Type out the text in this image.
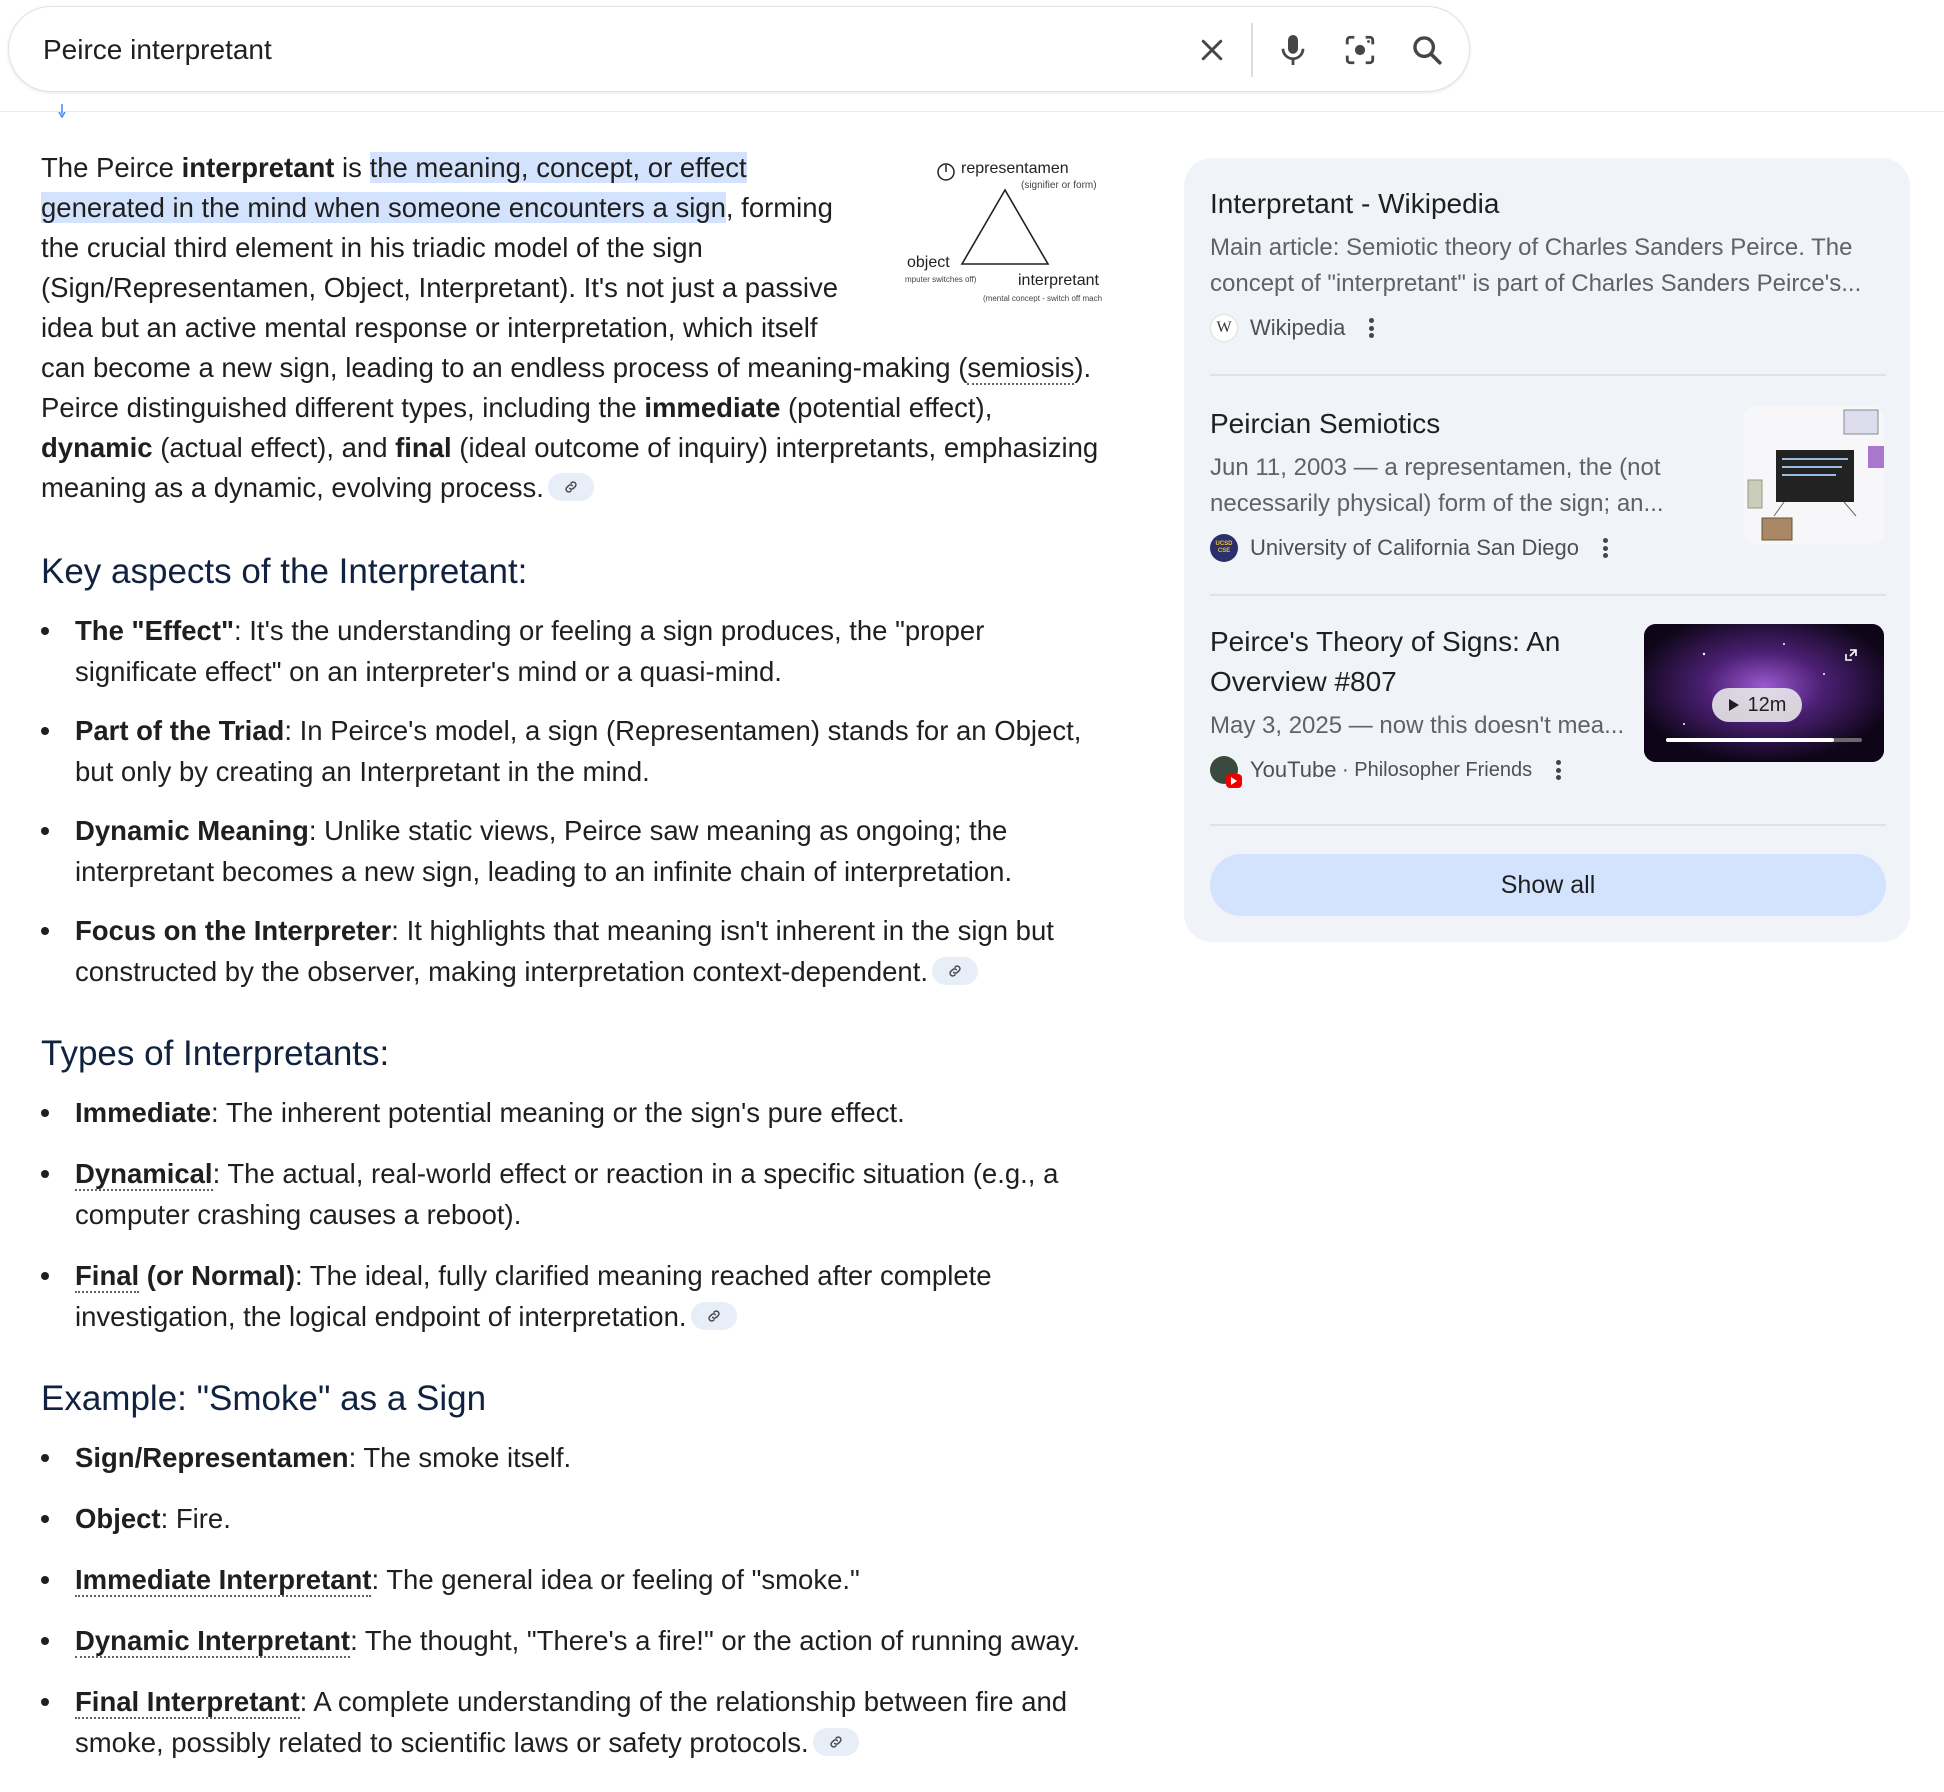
Peirce interpretant
representamen
(signifier or form)
object
mputer switches off)	interpretant
(mental concept - switch off mach

The Peirce interpretant is the meaning, concept, or effect generated in the mind when someone encounters a sign, forming the crucial third element in his triadic model of the sign (Sign/Representamen, Object, Interpretant). It's not just a passive idea but an active mental response or interpretation, which itself can become a new sign, leading to an endless process of meaning-making (semiosis). Peirce distinguished different types, including the immediate (potential effect), dynamic (actual effect), and final (ideal outcome of inquiry) interpretants, emphasizing meaning as a dynamic, evolving process.

Key aspects of the Interpretant:
The "Effect": It's the understanding or feeling a sign produces, the "proper significate effect" on an interpreter's mind or a quasi-mind.
Part of the Triad: In Peirce's model, a sign (Representamen) stands for an Object, but only by creating an Interpretant in the mind.
Dynamic Meaning: Unlike static views, Peirce saw meaning as ongoing; the interpretant becomes a new sign, leading to an infinite chain of interpretation.
Focus on the Interpreter: It highlights that meaning isn't inherent in the sign but constructed by the observer, making interpretation context-dependent.
Types of Interpretants:
Immediate: The inherent potential meaning or the sign's pure effect.
Dynamical: The actual, real-world effect or reaction in a specific situation (e.g., a computer crashing causes a reboot).
Final (or Normal): The ideal, fully clarified meaning reached after complete investigation, the logical endpoint of interpretation.
Example: "Smoke" as a Sign
Sign/Representamen: The smoke itself.
Object: Fire.
Immediate Interpretant: The general idea or feeling of "smoke."
Dynamic Interpretant: The thought, "There's a fire!" or the action of running away.
Final Interpretant: A complete understanding of the relationship between fire and smoke, possibly related to scientific laws or safety protocols.
Interpretant - Wikipedia
Main article: Semiotic theory of Charles Sanders Peirce. The concept of "interpretant" is part of Charles Sanders Peirce's...
W Wikipedia
Peircian Semiotics
Jun 11, 2003 — a representamen, the (not necessarily physical) form of the sign; an...
UCSD CSE University of California San Diego
Peirce's Theory of Signs: An Overview #807
May 3, 2025 — now this doesn't mea...
YouTube · Philosopher Friends
12m
Show all
